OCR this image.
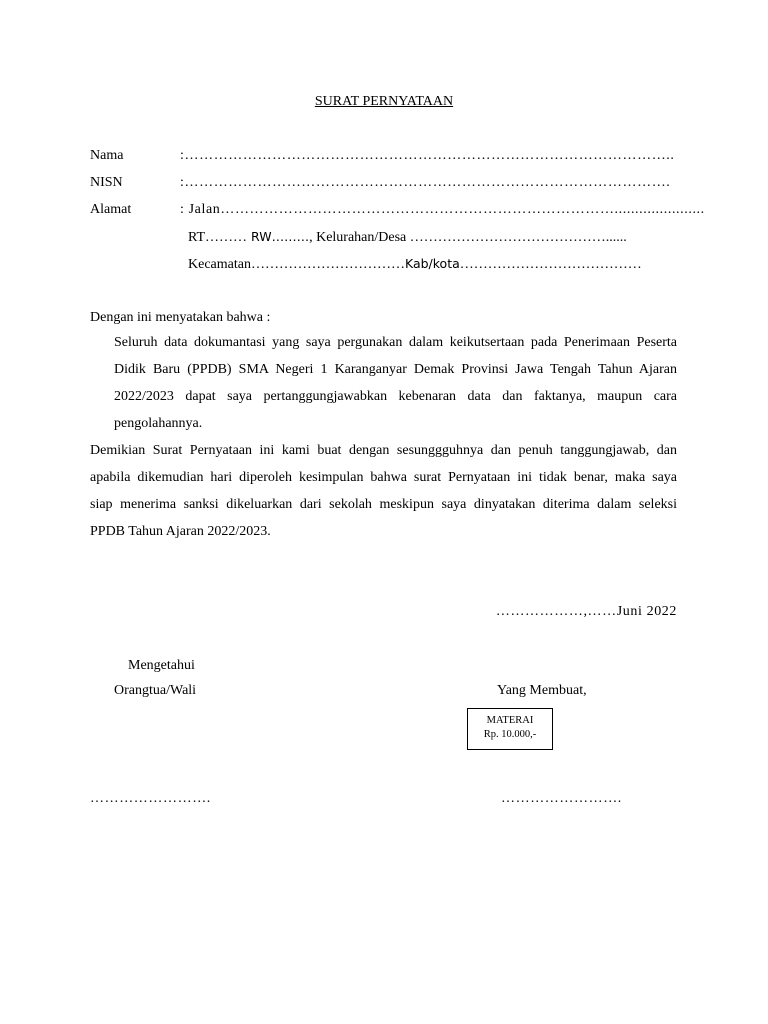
SURAT PERNYATAAN
Nama	:………………………………………………………………………………………..
NISN	:……………………………………………………………………………………….
Alamat	: Jalan………………………………………………………………………......................
RT……… RW………, Kelurahan/Desa ……………………………………......
Kecamatan……………………………Kab/kota…………………………………
Dengan ini menyatakan bahwa :
Seluruh data dokumantasi yang saya pergunakan dalam keikutsertaan pada Penerimaan Peserta
Didik Baru (PPDB) SMA Negeri 1 Karanganyar Demak Provinsi Jawa Tengah Tahun Ajaran
2022/2023 dapat saya pertanggungjawabkan kebenaran data dan faktanya, maupun cara
pengolahannya.
Demikian Surat Pernyataan ini kami buat dengan sesunggguhnya dan penuh tanggungjawab, dan
apabila dikemudian hari diperoleh kesimpulan bahwa surat Pernyataan ini tidak benar, maka saya
siap menerima sanksi dikeluarkan dari sekolah meskipun saya dinyatakan diterima dalam seleksi
PPDB Tahun Ajaran 2022/2023.
………………,……Juni 2022
Mengetahui
Orangtua/Wali	Yang Membuat,
MATERAI
Rp. 10.000,-
…………………….	…………………….
